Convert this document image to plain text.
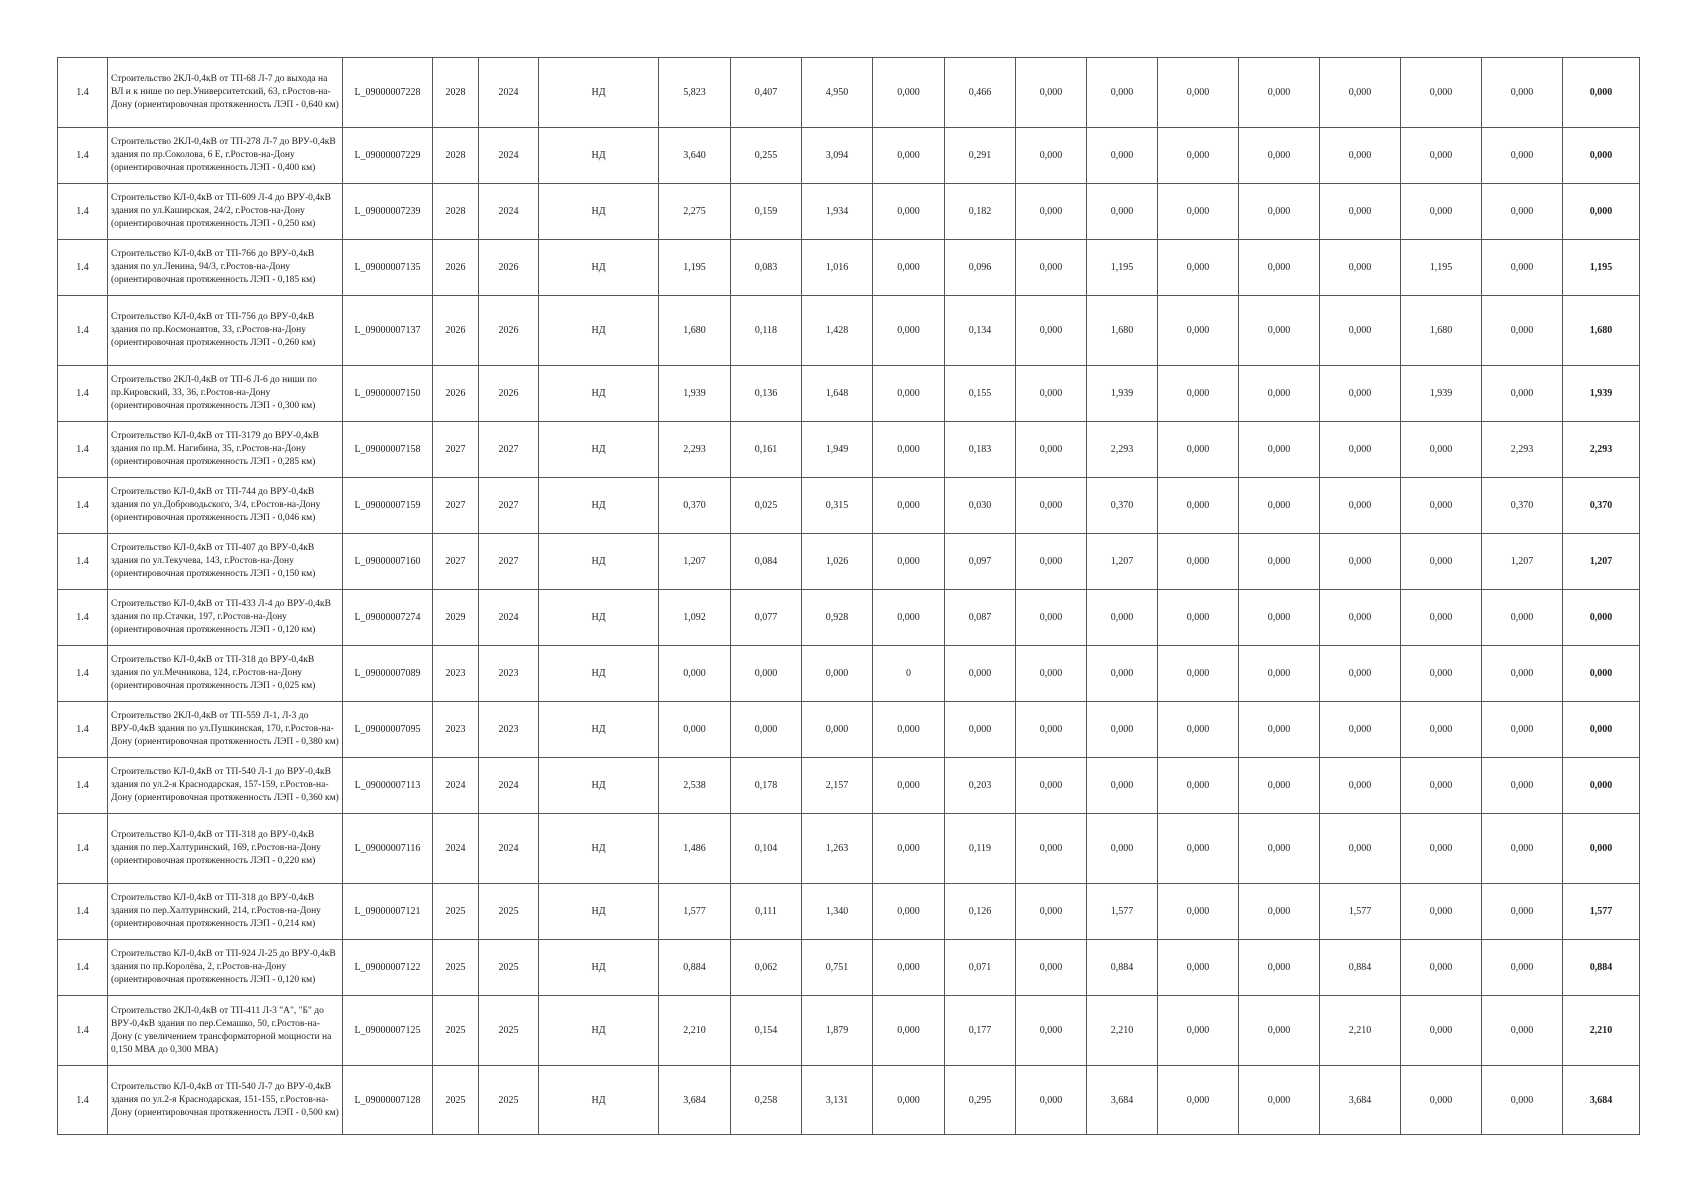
1.4	Строительство 2КЛ-0,4кВ от ТП-68 Л-7 до выхода на ВЛ и к нише по пер.Университетский, 63, г.Ростов-на-Дону (ориентировочная протяженность ЛЭП - 0,640 км)	L_09000007228	2028	2024	НД	5,823	0,407	4,950	0,000	0,466	0,000	0,000	0,000	0,000	0,000	0,000	0,000	0,000
1.4	Строительство 2КЛ-0,4кВ от ТП-278 Л-7 до ВРУ-0,4кВ здания по пр.Соколова, 6 Е, г.Ростов-на-Дону (ориентировочная протяженность ЛЭП - 0,400 км)	L_09000007229	2028	2024	НД	3,640	0,255	3,094	0,000	0,291	0,000	0,000	0,000	0,000	0,000	0,000	0,000	0,000
1.4	Строительство КЛ-0,4кВ от ТП-609 Л-4 до ВРУ-0,4кВ здания по ул.Каширская, 24/2, г.Ростов-на-Дону (ориентировочная протяженность ЛЭП - 0,250 км)	L_09000007239	2028	2024	НД	2,275	0,159	1,934	0,000	0,182	0,000	0,000	0,000	0,000	0,000	0,000	0,000	0,000
1.4	Строительство КЛ-0,4кВ от ТП-766 до ВРУ-0,4кВ здания по ул.Ленина, 94/3, г.Ростов-на-Дону (ориентировочная протяженность ЛЭП - 0,185 км)	L_09000007135	2026	2026	НД	1,195	0,083	1,016	0,000	0,096	0,000	1,195	0,000	0,000	0,000	1,195	0,000	1,195
1.4	Строительство КЛ-0,4кВ от ТП-756 до ВРУ-0,4кВ здания по пр.Космонавтов, 33, г.Ростов-на-Дону (ориентировочная протяженность ЛЭП - 0,260 км)	L_09000007137	2026	2026	НД	1,680	0,118	1,428	0,000	0,134	0,000	1,680	0,000	0,000	0,000	1,680	0,000	1,680
1.4	Строительство 2КЛ-0,4кВ от ТП-6 Л-6 до ниши по пр.Кировский, 33, 36, г.Ростов-на-Дону (ориентировочная протяженность ЛЭП - 0,300 км)	L_09000007150	2026	2026	НД	1,939	0,136	1,648	0,000	0,155	0,000	1,939	0,000	0,000	0,000	1,939	0,000	1,939
1.4	Строительство КЛ-0,4кВ от ТП-3179 до ВРУ-0,4кВ здания по пр.М. Нагибина, 35, г.Ростов-на-Дону (ориентировочная протяженность ЛЭП - 0,285 км)	L_09000007158	2027	2027	НД	2,293	0,161	1,949	0,000	0,183	0,000	2,293	0,000	0,000	0,000	0,000	2,293	2,293
1.4	Строительство КЛ-0,4кВ от ТП-744 до ВРУ-0,4кВ здания по ул.Доброводьского, 3/4, г.Ростов-на-Дону (ориентировочная протяженность ЛЭП - 0,046 км)	L_09000007159	2027	2027	НД	0,370	0,025	0,315	0,000	0,030	0,000	0,370	0,000	0,000	0,000	0,000	0,370	0,370
1.4	Строительство КЛ-0,4кВ от ТП-407 до ВРУ-0,4кВ здания по ул.Текучева, 143, г.Ростов-на-Дону (ориентировочная протяженность ЛЭП - 0,150 км)	L_09000007160	2027	2027	НД	1,207	0,084	1,026	0,000	0,097	0,000	1,207	0,000	0,000	0,000	0,000	1,207	1,207
1.4	Строительство КЛ-0,4кВ от ТП-433 Л-4 до ВРУ-0,4кВ здания по пр.Стачки, 197, г.Ростов-на-Дону (ориентировочная протяженность ЛЭП - 0,120 км)	L_09000007274	2029	2024	НД	1,092	0,077	0,928	0,000	0,087	0,000	0,000	0,000	0,000	0,000	0,000	0,000	0,000
1.4	Строительство КЛ-0,4кВ от ТП-318 до ВРУ-0,4кВ здания по ул.Мечникова, 124, г.Ростов-на-Дону (ориентировочная протяженность ЛЭП - 0,025 км)	L_09000007089	2023	2023	НД	0,000	0,000	0,000	0	0,000	0,000	0,000	0,000	0,000	0,000	0,000	0,000	0,000
1.4	Строительство 2КЛ-0,4кВ от ТП-559 Л-1, Л-3 до ВРУ-0,4кВ здания по ул.Пушкинская, 170, г.Ростов-на-Дону (ориентировочная протяженность ЛЭП - 0,380 км)	L_09000007095	2023	2023	НД	0,000	0,000	0,000	0,000	0,000	0,000	0,000	0,000	0,000	0,000	0,000	0,000	0,000
1.4	Строительство КЛ-0,4кВ от ТП-540 Л-1 до ВРУ-0,4кВ здания по ул.2-я Краснодарская, 157-159, г.Ростов-на-Дону (ориентировочная протяженность ЛЭП - 0,360 км)	L_09000007113	2024	2024	НД	2,538	0,178	2,157	0,000	0,203	0,000	0,000	0,000	0,000	0,000	0,000	0,000	0,000
1.4	Строительство КЛ-0,4кВ от ТП-318 до ВРУ-0,4кВ здания по пер.Халтуринский, 169, г.Ростов-на-Дону (ориентировочная протяженность ЛЭП - 0,220 км)	L_09000007116	2024	2024	НД	1,486	0,104	1,263	0,000	0,119	0,000	0,000	0,000	0,000	0,000	0,000	0,000	0,000
1.4	Строительство КЛ-0,4кВ от ТП-318 до ВРУ-0,4кВ здания по пер.Халтуринский, 214, г.Ростов-на-Дону (ориентировочная протяженность ЛЭП - 0,214 км)	L_09000007121	2025	2025	НД	1,577	0,111	1,340	0,000	0,126	0,000	1,577	0,000	0,000	1,577	0,000	0,000	1,577
1.4	Строительство КЛ-0,4кВ от ТП-924 Л-25 до ВРУ-0,4кВ здания по пр.Королёва, 2, г.Ростов-на-Дону (ориентировочная протяженность ЛЭП - 0,120 км)	L_09000007122	2025	2025	НД	0,884	0,062	0,751	0,000	0,071	0,000	0,884	0,000	0,000	0,884	0,000	0,000	0,884
1.4	Строительство 2КЛ-0,4кВ от ТП-411 Л-3 "А", "Б" до ВРУ-0,4кВ здания по пер.Семашко, 50, г.Ростов-на-Дону (с увеличением трансформаторной мощности на 0,150 МВА до 0,300 МВА)	L_09000007125	2025	2025	НД	2,210	0,154	1,879	0,000	0,177	0,000	2,210	0,000	0,000	2,210	0,000	0,000	2,210
1.4	Строительство КЛ-0,4кВ от ТП-540 Л-7 до ВРУ-0,4кВ здания по ул.2-я Краснодарская, 151-155, г.Ростов-на-Дону (ориентировочная протяженность ЛЭП - 0,500 км)	L_09000007128	2025	2025	НД	3,684	0,258	3,131	0,000	0,295	0,000	3,684	0,000	0,000	3,684	0,000	0,000	3,684
